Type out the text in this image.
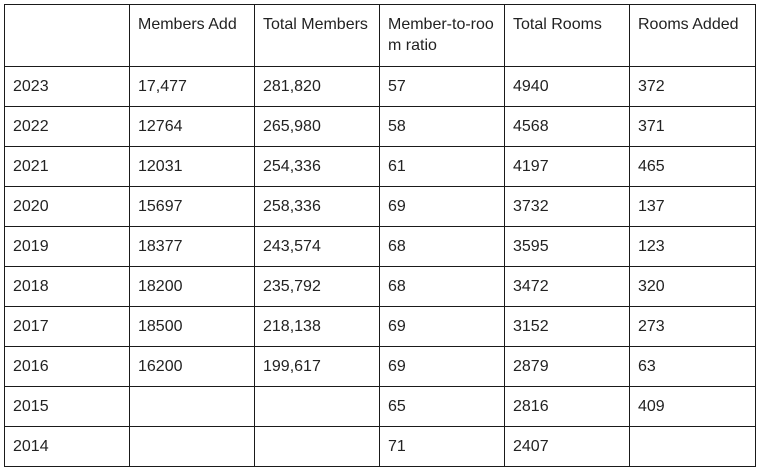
	Members Add	Total Members	Member-to-room ratio	Total Rooms	Rooms Added
2023	17,477	281,820	57	4940	372
2022	12764	265,980	58	4568	371
2021	12031	254,336	61	4197	465
2020	15697	258,336	69	3732	137
2019	18377	243,574	68	3595	123
2018	18200	235,792	68	3472	320
2017	18500	218,138	69	3152	273
2016	16200	199,617	69	2879	63
2015			65	2816	409
2014			71	2407	
